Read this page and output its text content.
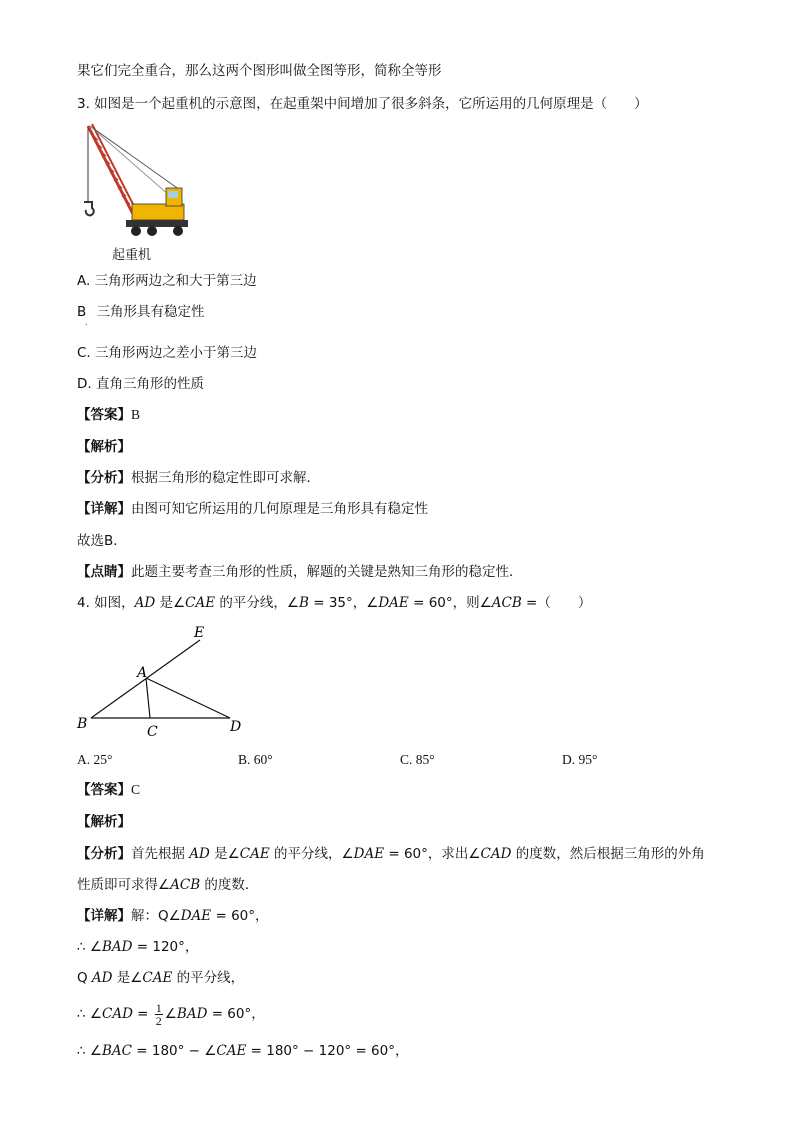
果它们完全重合，那么这两个图形叫做全图等形，简称全等形
3. 如图是一个起重机的示意图，在起重架中间增加了很多斜条，它所运用的几何原理是（　　）
起重机
A. 三角形两边之和大于第三边
B 三角形具有稳定性
.
C. 三角形两边之差小于第三边
D. 直角三角形的性质
【答案】B
【解析】
【分析】根据三角形的稳定性即可求解．
【详解】由图可知它所运用的几何原理是三角形具有稳定性
故选B．
【点睛】此题主要考查三角形的性质，解题的关键是熟知三角形的稳定性．
4. 如图，AD 是∠CAE 的平分线，∠B = 35°，∠DAE = 60°，则∠ACB =（　　）
E
A
B	C	D
A. 25°	B. 60°	C. 85°	D. 95°
【答案】C
【解析】
【分析】首先根据 AD 是∠CAE 的平分线，∠DAE = 60°，求出∠CAD 的度数，然后根据三角形的外角
性质即可求得∠ACB 的度数．
【详解】解：Q∠DAE = 60°，
∴ ∠BAD = 120°，
Q AD 是∠CAE 的平分线，
∴ ∠CAD = $\frac{1}{2}$ ∠BAD = 60°，
∴ ∠BAC = 180° − ∠CAE = 180° − 120° = 60°，
